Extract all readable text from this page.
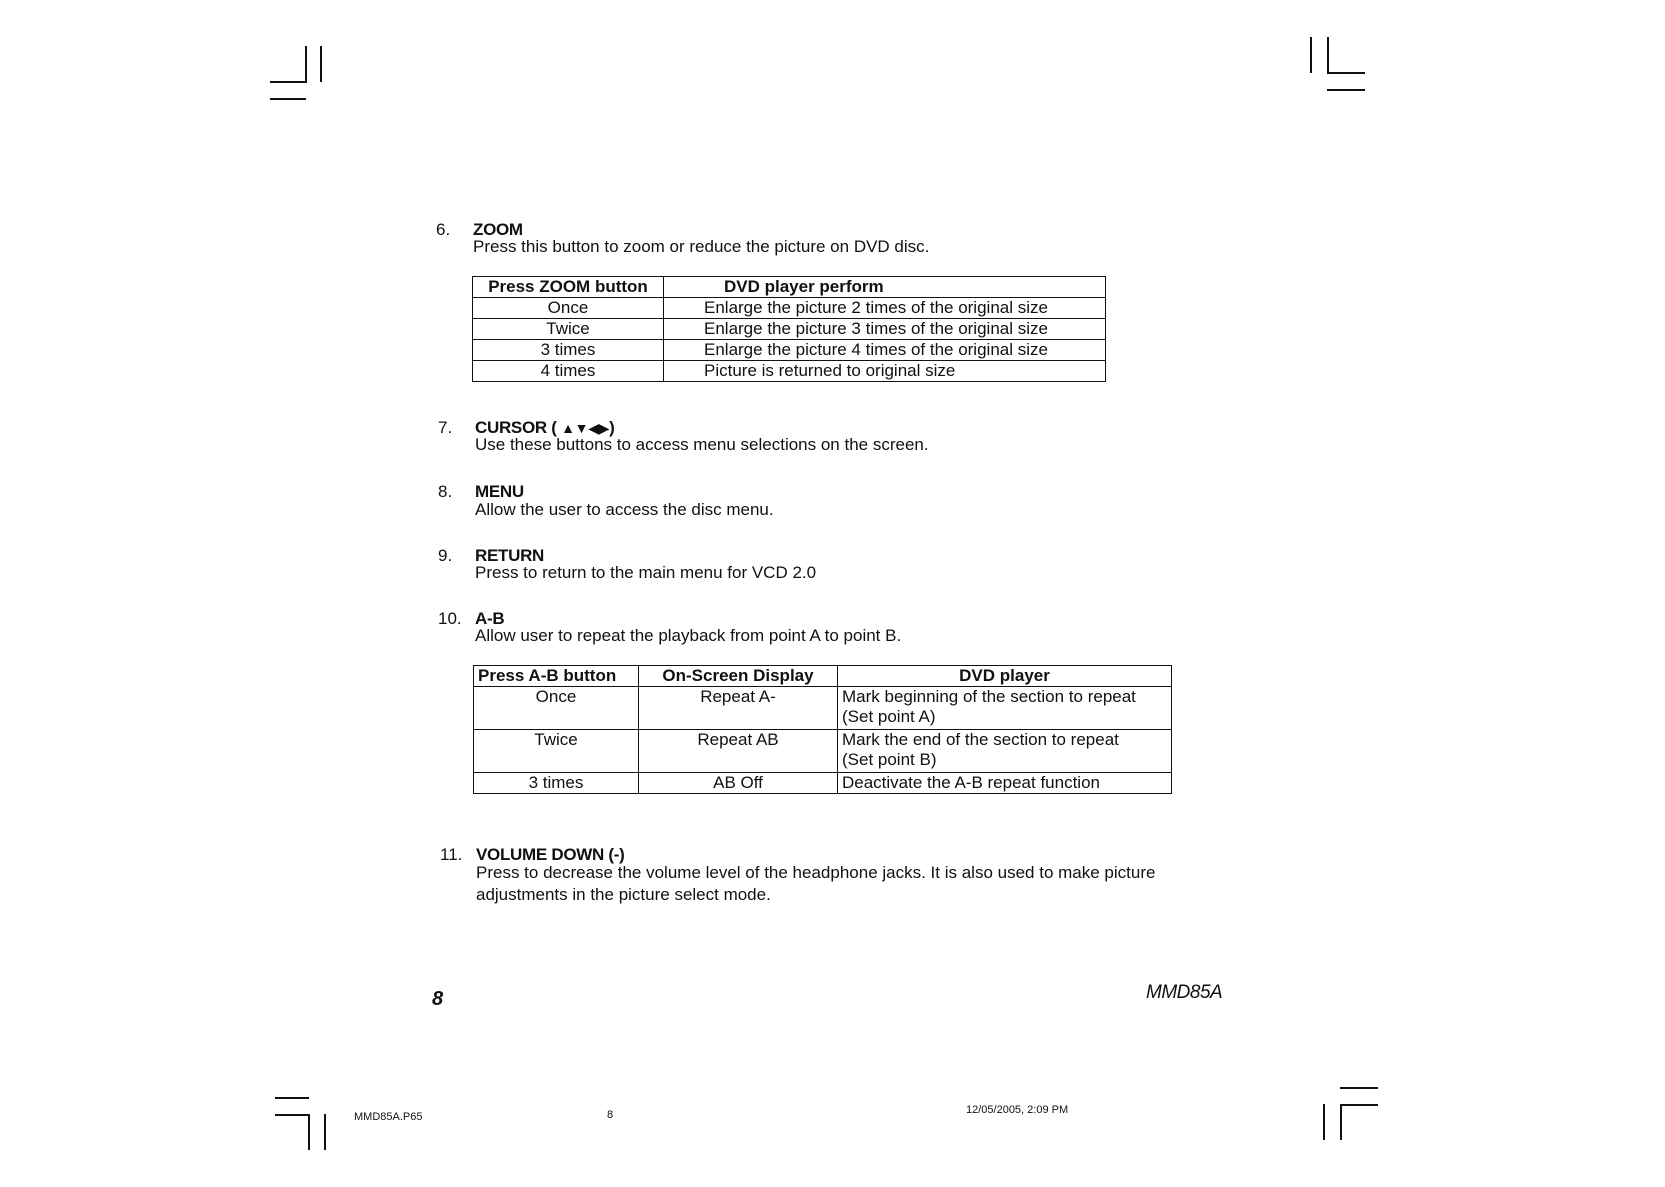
6. ZOOM
Press this button to zoom or reduce the picture on DVD disc.
Press ZOOM button	DVD player perform
Once	Enlarge the picture 2 times of the original size
Twice	Enlarge the picture 3 times of the original size
3 times	Enlarge the picture 4 times of the original size
4 times	Picture is returned to original size
7. CURSOR ( ▲▼◀▶)
Use these buttons to access menu selections on the screen.
8. MENU
Allow the user to access the disc menu.
9. RETURN
Press to return to the main menu for VCD 2.0
10. A-B
Allow user to repeat the playback from point A to point B.
Press A-B button	On-Screen Display	DVD player
Once	Repeat A-	Mark beginning of the section to repeat
(Set point A)

Twice	Repeat AB	Mark the end of the section to repeat
(Set point B)

3 times	AB Off	Deactivate the A-B repeat function
11. VOLUME DOWN (-)
Press to decrease the volume level of the headphone jacks. It is also used to make picture
adjustments in the picture select mode.
8	MMD85A
MMD85A.P65	8	12/05/2005, 2:09 PM
